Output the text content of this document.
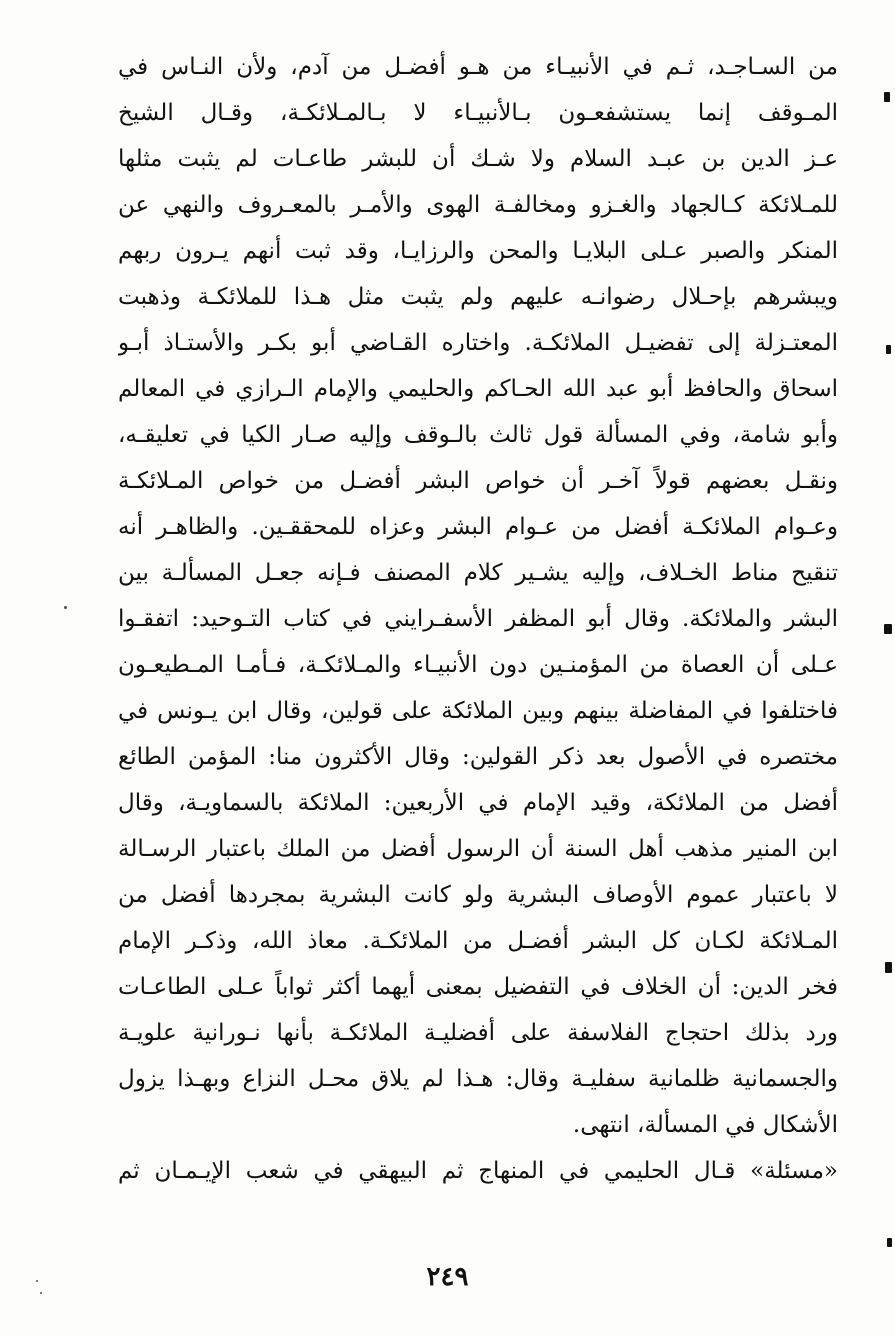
من السـاجـد، ثـم في الأنبيـاء من هـو أفضـل من آدم، ولأن النـاس في
المـوقف إنما يستشفعـون بـالأنبيـاء لا بـالمـلائكـة، وقـال الشيخ
عـز الدين بن عبـد السلام ولا شـك أن للبشر طاعـات لم يثبت مثلها
للمـلائكة كـالجهاد والغـزو ومخالفـة الهوى والأمـر بالمعـروف والنهي عن
المنكر والصبر عـلى البلايـا والمحن والرزايـا، وقد ثبت أنهم يـرون ربهم
ويبشرهم بإحـلال رضوانـه عليهم ولم يثبت مثل هـذا للملائكـة وذهبت
المعتـزلة إلى تفضيـل الملائكـة. واختاره القـاضي أبو بكـر والأستـاذ أبـو
اسحاق والحافظ أبو عبد الله الحـاكم والحليمي والإمام الـرازي في المعالم
وأبو شامة، وفي المسألة قول ثالث بالـوقف وإليه صـار الكيا في تعليقـه،
ونقـل بعضهم قولاً آخـر أن خواص البشر أفضـل من خواص المـلائكـة
وعـوام الملائكـة أفضل من عـوام البشر وعزاه للمحققـين. والظاهـر أنه
تنقيح مناط الخـلاف، وإليه يشـير كلام المصنف فـإنه جعـل المسألـة بين
البشر والملائكة. وقال أبو المظفر الأسفـرايني في كتاب التـوحيد: اتفقـوا
عـلى أن العصاة من المؤمنـين دون الأنبيـاء والمـلائكـة، فـأمـا المـطيعـون
فاختلفوا في المفاضلة بينهم وبين الملائكة على قولين، وقال ابن يـونس في
مختصره في الأصول بعد ذكر القولين: وقال الأكثرون منا: المؤمن الطائع
أفضل من الملائكة، وقيد الإمام في الأربعين: الملائكة بالسماويـة، وقال
ابن المنير مذهب أهل السنة أن الرسول أفضل من الملك باعتبار الرسـالة
لا باعتبار عموم الأوصاف البشرية ولو كانت البشرية بمجردها أفضل من
المـلائكة لكـان كل البشر أفضـل من الملائكـة. معاذ الله، وذكـر الإمام
فخر الدين: أن الخلاف في التفضيل بمعنى أيهما أكثر ثواباً عـلى الطاعـات
ورد بذلك احتجاج الفلاسفة على أفضليـة الملائكـة بأنها نـورانية علويـة
والجسمانية ظلمانية سفليـة وقال: هـذا لم يلاق محـل النزاع وبهـذا يزول
الأشكال في المسألة، انتهى.
«مسئلة» قـال الحليمي في المنهاج ثم البيهقي في شعب الإيـمـان ثم
٢٤٩
